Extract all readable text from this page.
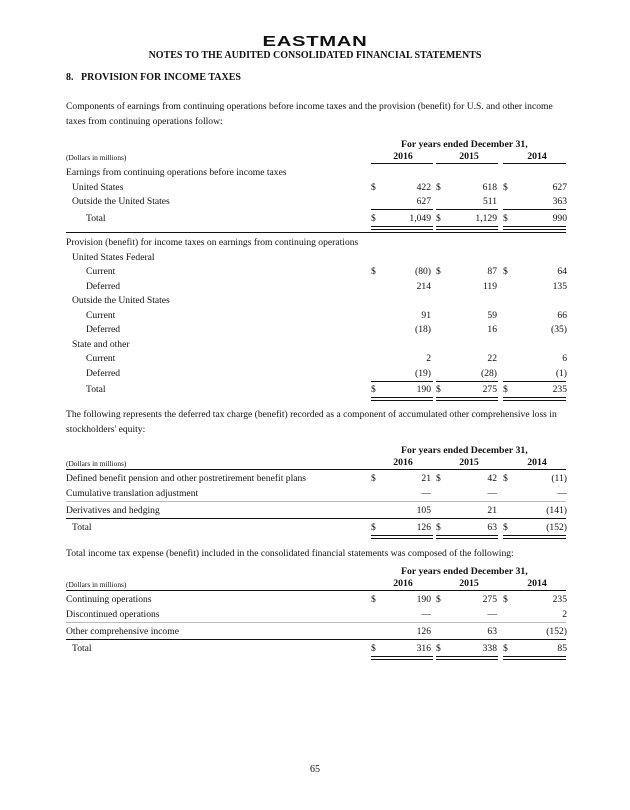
EASTMAN
NOTES TO THE AUDITED CONSOLIDATED FINANCIAL STATEMENTS
8.   PROVISION FOR INCOME TAXES
Components of earnings from continuing operations before income taxes and the provision (benefit) for U.S. and other income taxes from continuing operations follow:
For years ended December 31,
(Dollars in millions)	2016	2015	2014
Earnings from continuing operations before income taxes
United States	$	422 $	618 $	627
Outside the United States	627	511	363
Total	$	1,049 $	1,129 $	990
Provision (benefit) for income taxes on earnings from continuing operations
United States Federal
Current	$	(80) $	87 $	64
Deferred	214	119	135
Outside the United States
Current	91	59	66
Deferred	(18)	16	(35)
State and other
Current	2	22	6
Deferred	(19)	(28)	(1)
Total	$	190 $	275 $	235
The following represents the deferred tax charge (benefit) recorded as a component of accumulated other comprehensive loss in stockholders' equity:
For years ended December 31,
(Dollars in millions)	2016	2015	2014
Defined benefit pension and other postretirement benefit plans	$	21 $	42 $	(11)
Cumulative translation adjustment	—	—	—
Derivatives and hedging	105	21	(141)
Total	$	126 $	63 $	(152)
Total income tax expense (benefit) included in the consolidated financial statements was composed of the following:
For years ended December 31,
(Dollars in millions)	2016	2015	2014
Continuing operations	$	190 $	275 $	235
Discontinued operations	—	—	2
Other comprehensive income	126	63	(152)
Total	$	316 $	338 $	85
65
